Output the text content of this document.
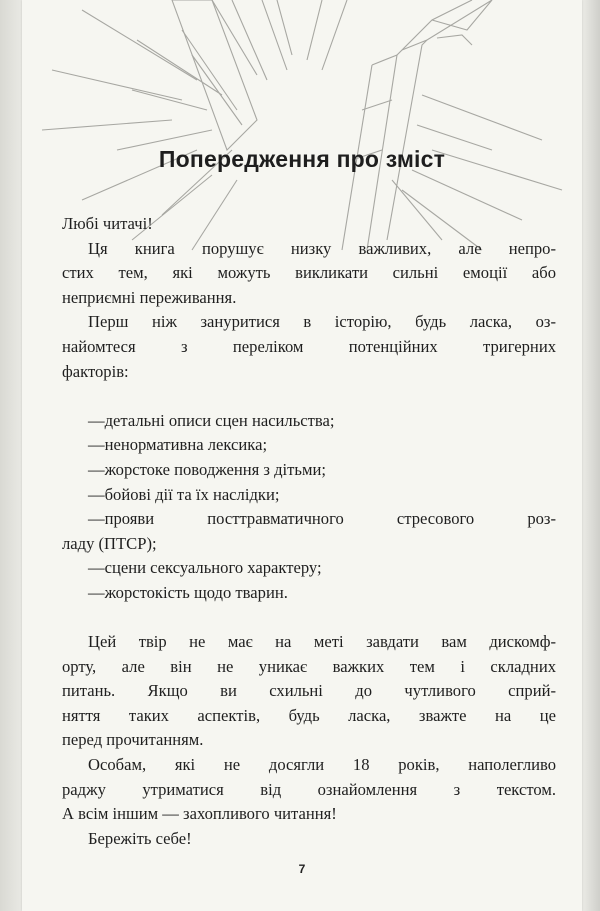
Попередження про зміст

Любі читачі!

Ця книга порушує низку важливих, але непро-

стих тем, які можуть викликати сильні емоції або

неприємні переживання.

Перш ніж зануритися в історію, будь ласка, оз-

найомтеся з переліком потенційних тригерних

факторів:

—детальні описи сцен насильства;
—ненормативна лексика;
—жорстоке поводження з дітьми;
—бойові дії та їх наслідки;
—прояви посттравматичного стресового роз-
ладу (ПТСР);
—сцени сексуального характеру;
—жорстокість щодо тварин.

Цей твір не має на меті завдати вам дискомф-

орту, але він не уникає важких тем і складних

питань. Якщо ви схильні до чутливого сприй-

няття таких аспектів, будь ласка, зважте на це

перед прочитанням.

Особам, які не досягли 18 років, наполегливо

раджу утриматися від ознайомлення з текстом.

А всім іншим — захопливого читання!

Бережіть себе!

7
